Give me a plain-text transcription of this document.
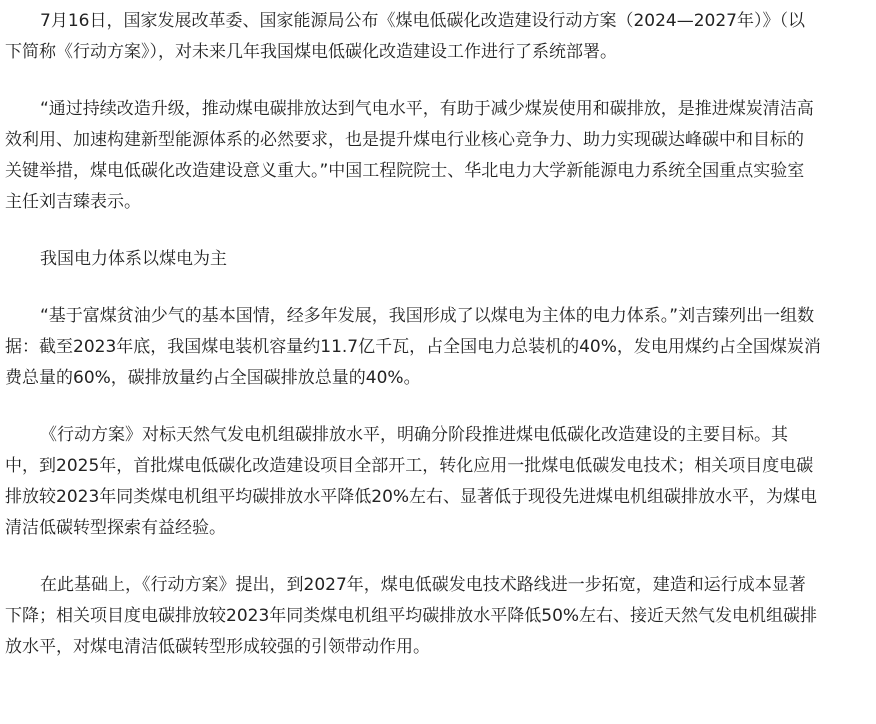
7月16日，国家发展改革委、国家能源局公布《煤电低碳化改造建设行动方案（2024—2027年）》（以
下简称《行动方案》），对未来几年我国煤电低碳化改造建设工作进行了系统部署。
“通过持续改造升级，推动煤电碳排放达到气电水平，有助于减少煤炭使用和碳排放，是推进煤炭清洁高
效利用、加速构建新型能源体系的必然要求，也是提升煤电行业核心竞争力、助力实现碳达峰碳中和目标的
关键举措，煤电低碳化改造建设意义重大。”中国工程院院士、华北电力大学新能源电力系统全国重点实验室
主任刘吉臻表示。
我国电力体系以煤电为主
“基于富煤贫油少气的基本国情，经多年发展，我国形成了以煤电为主体的电力体系。”刘吉臻列出一组数
据：截至2023年底，我国煤电装机容量约11.7亿千瓦，占全国电力总装机的40%，发电用煤约占全国煤炭消
费总量的60%，碳排放量约占全国碳排放总量的40%。
《行动方案》对标天然气发电机组碳排放水平，明确分阶段推进煤电低碳化改造建设的主要目标。其
中，到2025年，首批煤电低碳化改造建设项目全部开工，转化应用一批煤电低碳发电技术；相关项目度电碳
排放较2023年同类煤电机组平均碳排放水平降低20%左右、显著低于现役先进煤电机组碳排放水平，为煤电
清洁低碳转型探索有益经验。
在此基础上，《行动方案》提出，到2027年，煤电低碳发电技术路线进一步拓宽，建造和运行成本显著
下降；相关项目度电碳排放较2023年同类煤电机组平均碳排放水平降低50%左右、接近天然气发电机组碳排
放水平，对煤电清洁低碳转型形成较强的引领带动作用。
